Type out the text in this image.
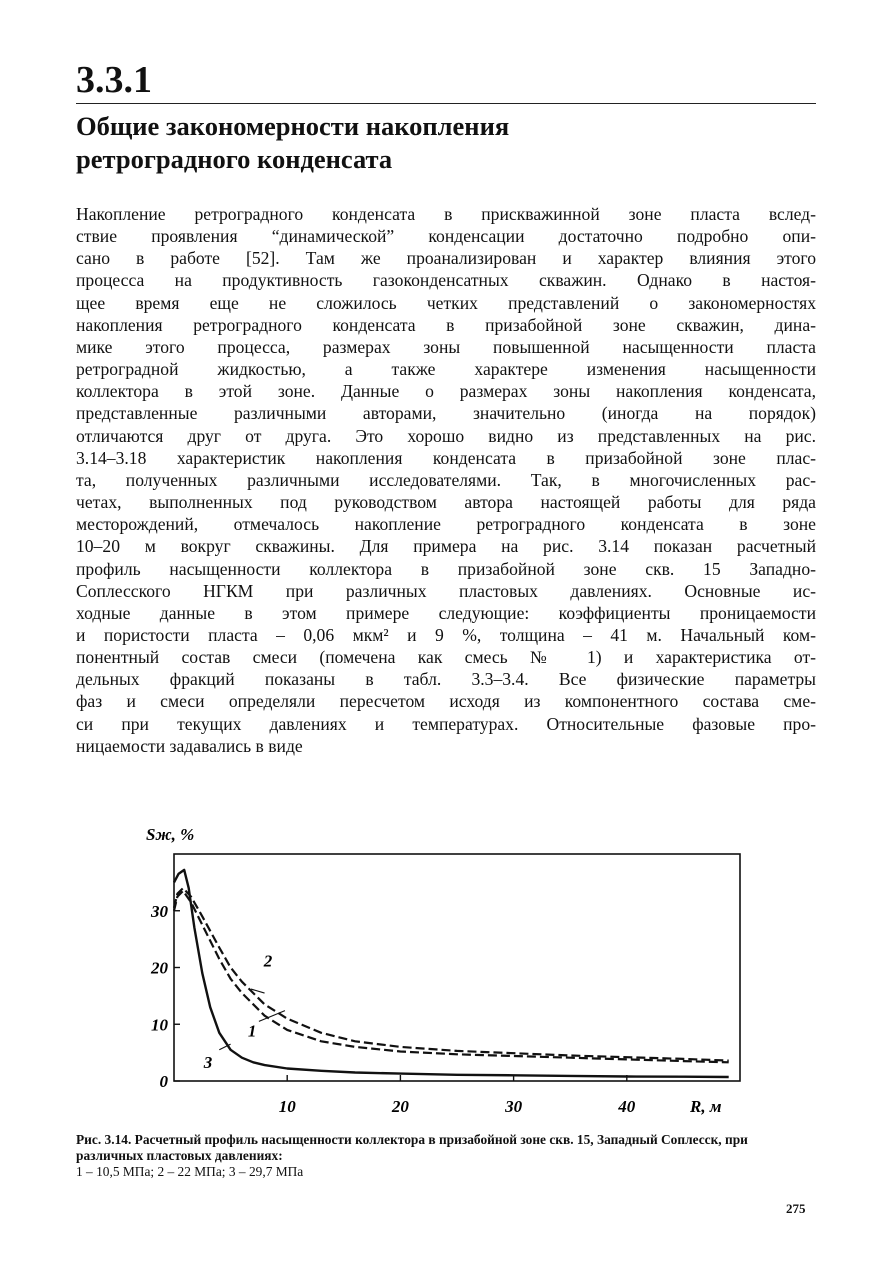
3.3.1
Общие закономерности накопления
ретроградного конденсата
Накопление ретроградного конденсата в прискважинной зоне пласта вслед-
ствие проявления “динамической” конденсации достаточно подробно опи-
сано в работе [52]. Там же проанализирован и характер влияния этого
процесса на продуктивность газоконденсатных скважин. Однако в настоя-
щее время еще не сложилось четких представлений о закономерностях
накопления ретроградного конденсата в призабойной зоне скважин, дина-
мике этого процесса, размерах зоны повышенной насыщенности пласта
ретроградной жидкостью, а также характере изменения насыщенности
коллектора в этой зоне. Данные о размерах зоны накопления конденсата,
представленные различными авторами, значительно (иногда на порядок)
отличаются друг от друга. Это хорошо видно из представленных на рис.
3.14–3.18 характеристик накопления конденсата в призабойной зоне плас-
та, полученных различными исследователями. Так, в многочисленных рас-
четах, выполненных под руководством автора настоящей работы для ряда
месторождений, отмечалось накопление ретроградного конденсата в зоне
10–20 м вокруг скважины. Для примера на рис. 3.14 показан расчетный
профиль насыщенности коллектора в призабойной зоне скв. 15 Западно-
Соплесского НГКМ при различных пластовых давлениях. Основные ис-
ходные данные в этом примере следующие: коэффициенты проницаемости
и пористости пласта – 0,06 мкм² и 9 %, толщина – 41 м. Начальный ком-
понентный состав смеси (помечена как смесь № 1) и характеристика от-
дельных фракций показаны в табл. 3.3–3.4. Все физические параметры
фаз и смеси определяли пересчетом исходя из компонентного состава сме-
си при текущих давлениях и температурах. Относительные фазовые про-
ницаемости задавались в виде
Sж, %
R, м
0
10
20
30
10	20	30	40
1
2
3
Рис. 3.14. Расчетный профиль насыщенности коллектора в призабойной зоне скв. 15, Западный Соплесск, при различных пластовых давлениях:
1 – 10,5 МПа; 2 – 22 МПа; 3 – 29,7 МПа
275
